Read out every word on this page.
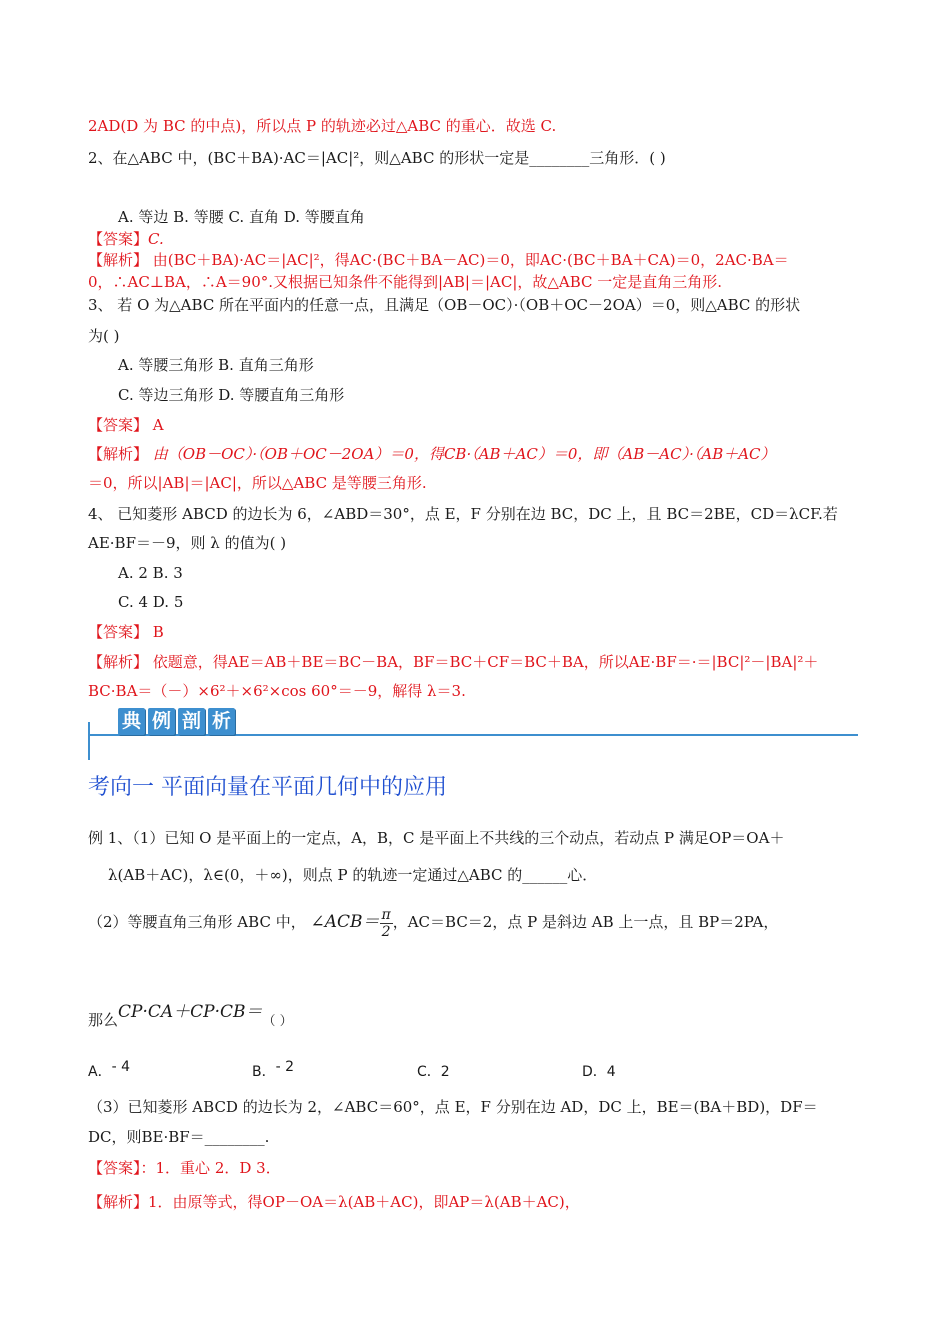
2AD(D 为 BC 的中点)，所以点 P 的轨迹必过△ABC 的重心．故选 C.
2、在△ABC 中，(BC＋BA)·AC＝|AC|²，则△ABC 的形状一定是________三角形．( )
A. 等边 B. 等腰 C. 直角 D. 等腰直角
【答案】C.
【解析】 由(BC＋BA)·AC＝|AC|²，得AC·(BC＋BA－AC)＝0，即AC·(BC＋BA＋CA)＝0，2AC·BA＝
0，∴AC⊥BA，∴A＝90°.又根据已知条件不能得到|AB|＝|AC|，故△ABC 一定是直角三角形.
3、 若 O 为△ABC 所在平面内的任意一点，且满足（OB－OC）·（OB＋OC－2OA）＝0，则△ABC 的形状
为( )
A. 等腰三角形 B. 直角三角形
C. 等边三角形 D. 等腰直角三角形
【答案】 A
【解析】 由（OB－OC）·（OB＋OC－2OA）＝0，得CB·（AB＋AC）＝0，即（AB－AC）·（AB＋AC）
＝0，所以|AB|＝|AC|，所以△ABC 是等腰三角形.
4、 已知菱形 ABCD 的边长为 6，∠ABD＝30°，点 E，F 分别在边 BC，DC 上，且 BC＝2BE，CD＝λCF.若
AE·BF＝－9，则 λ 的值为( )
A. 2 B. 3
C. 4 D. 5
【答案】 B
【解析】 依题意，得AE＝AB＋BE＝BC－BA，BF＝BC＋CF＝BC＋BA，所以AE·BF＝·＝|BC|²－|BA|²＋
BC·BA＝（－）×6²＋×6²×cos 60°＝－9，解得 λ＝3.
典 例 剖 析
考向一 平面向量在平面几何中的应用
例 1、（1）已知 O 是平面上的一定点，A，B，C 是平面上不共线的三个动点，若动点 P 满足OP＝OA＋
λ(AB＋AC)，λ∈(0，＋∞)，则点 P 的轨迹一定通过△ABC 的______心．
（2）等腰直角三角形 ABC 中， ∠ACB＝ $\frac{\pi}{2}$ ，AC＝BC＝2，点 P 是斜边 AB 上一点，且 BP＝2PA，
那么CP·CA＋CP·CB＝（ ）
A．- 4	B．- 2	C．2	D．4
（3）已知菱形 ABCD 的边长为 2，∠ABC＝60°，点 E，F 分别在边 AD，DC 上，BE＝(BA＋BD)，DF＝
DC，则BE·BF＝________.
【答案】：1．重心 2．D 3．
【解析】1．由原等式，得OP－OA＝λ(AB＋AC)，即AP＝λ(AB＋AC)，
